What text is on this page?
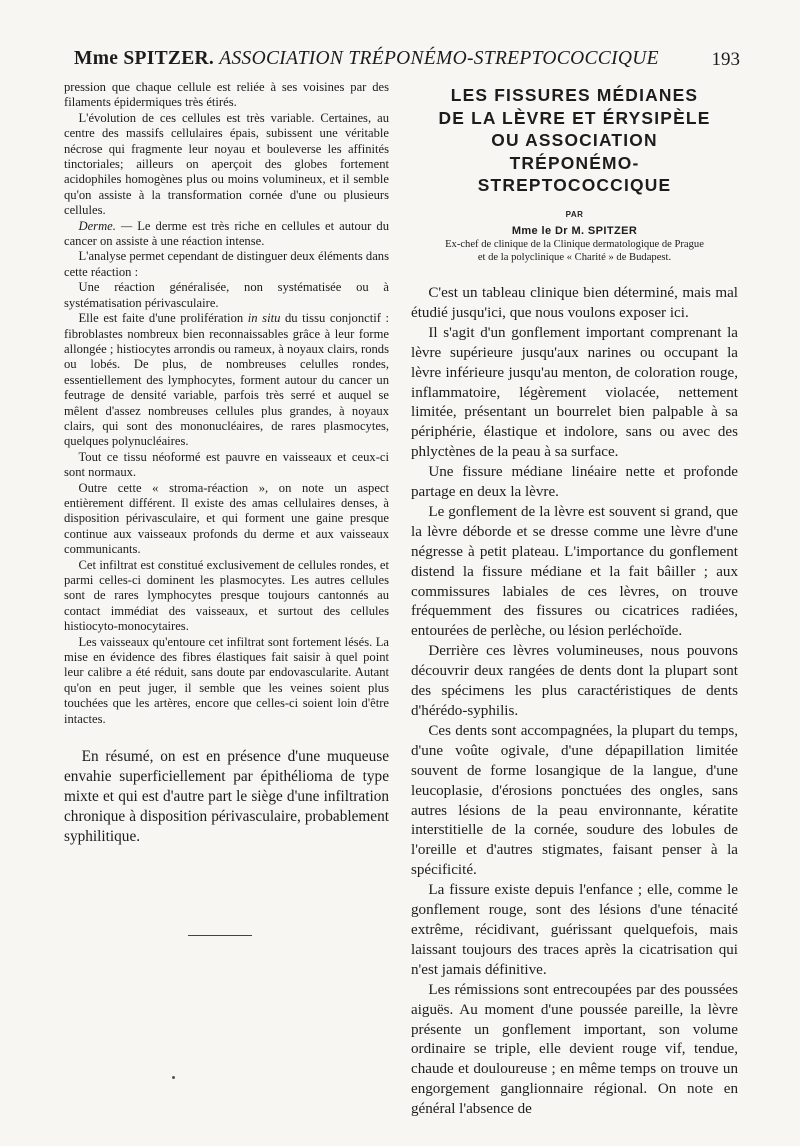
Mme SPITZER. ASSOCIATION TRÉPONÉMO-STREPTOCOCCIQUE	193

pression que chaque cellule est reliée à ses voisines par des filaments épidermiques très étirés.

L'évolution de ces cellules est très variable. Certaines, au centre des massifs cellulaires épais, subissent une véritable nécrose qui fragmente leur noyau et bouleverse les affinités tinctoriales; ailleurs on aperçoit des globes fortement acidophiles homogènes plus ou moins volumineux, et il semble qu'on assiste à la transformation cornée d'une ou plusieurs cellules.

Derme. — Le derme est très riche en cellules et autour du cancer on assiste à une réaction intense.

L'analyse permet cependant de distinguer deux éléments dans cette réaction :

Une réaction généralisée, non systématisée ou à systématisation périvasculaire.

Elle est faite d'une prolifération in situ du tissu conjonctif : fibroblastes nombreux bien reconnaissables grâce à leur forme allongée ; histiocytes arrondis ou rameux, à noyaux clairs, ronds ou lobés. De plus, de nombreuses celulles rondes, essentiellement des lymphocytes, forment autour du cancer un feutrage de densité variable, parfois très serré et auquel se mêlent d'assez nombreuses cellules plus grandes, à noyaux clairs, qui sont des mononucléaires, de rares plasmocytes, quelques polynucléaires.

Tout ce tissu néoformé est pauvre en vaisseaux et ceux-ci sont normaux.

Outre cette « stroma-réaction », on note un aspect entièrement différent. Il existe des amas cellulaires denses, à disposition périvasculaire, et qui forment une gaine presque continue aux vaisseaux profonds du derme et aux vaisseaux communicants.

Cet infiltrat est constitué exclusivement de cellules rondes, et parmi celles-ci dominent les plasmocytes. Les autres cellules sont de rares lymphocytes presque toujours cantonnés au contact immédiat des vaisseaux, et surtout des cellules histiocyto-monocytaires.

Les vaisseaux qu'entoure cet infiltrat sont fortement lésés. La mise en évidence des fibres élastiques fait saisir à quel point leur calibre a été réduit, sans doute par endovascularite. Autant qu'on en peut juger, il semble que les veines soient plus touchées que les artères, encore que celles-ci soient loin d'être intactes.

En résumé, on est en présence d'une muqueuse envahie superficiellement par épithélioma de type mixte et qui est d'autre part le siège d'une infiltration chronique à disposition périvasculaire, probablement syphilitique.

LES FISSURES MÉDIANES
DE LA LÈVRE ET ÉRYSIPÈLE
OU ASSOCIATION
TRÉPONÉMO-
STREPTOCOCCIQUE
PAR
Mme le Dr M. SPITZER
Ex-chef de clinique de la Clinique dermatologique de Prague
et de la polyclinique « Charité » de Budapest.

C'est un tableau clinique bien déterminé, mais mal étudié jusqu'ici, que nous voulons exposer ici.

Il s'agit d'un gonflement important comprenant la lèvre supérieure jusqu'aux narines ou occupant la lèvre inférieure jusqu'au menton, de coloration rouge, inflammatoire, légèrement violacée, nettement limitée, présentant un bourrelet bien palpable à sa périphérie, élastique et indolore, sans ou avec des phlyctènes de la peau à sa surface.

Une fissure médiane linéaire nette et profonde partage en deux la lèvre.

Le gonflement de la lèvre est souvent si grand, que la lèvre déborde et se dresse comme une lèvre d'une négresse à petit plateau. L'importance du gonflement distend la fissure médiane et la fait bâiller ; aux commissures labiales de ces lèvres, on trouve fréquemment des fissures ou cicatrices radiées, entourées de perlèche, ou lésion perléchoïde.

Derrière ces lèvres volumineuses, nous pouvons découvrir deux rangées de dents dont la plupart sont des spécimens les plus caractéristiques de dents d'hérédo-syphilis.

Ces dents sont accompagnées, la plupart du temps, d'une voûte ogivale, d'une dépapillation limitée souvent de forme losangique de la langue, d'une leucoplasie, d'érosions ponctuées des ongles, sans autres lésions de la peau environnante, kératite interstitielle de la cornée, soudure des lobules de l'oreille et d'autres stigmates, faisant penser à la spécificité.

La fissure existe depuis l'enfance ; elle, comme le gonflement rouge, sont des lésions d'une ténacité extrême, récidivant, guérissant quelquefois, mais laissant toujours des traces après la cicatrisation qui n'est jamais définitive.

Les rémissions sont entrecoupées par des poussées aiguës. Au moment d'une poussée pareille, la lèvre présente un gonflement important, son volume ordinaire se triple, elle devient rouge vif, tendue, chaude et douloureuse ; en même temps on trouve un engorgement ganglionnaire régional. On note en général l'absence de
